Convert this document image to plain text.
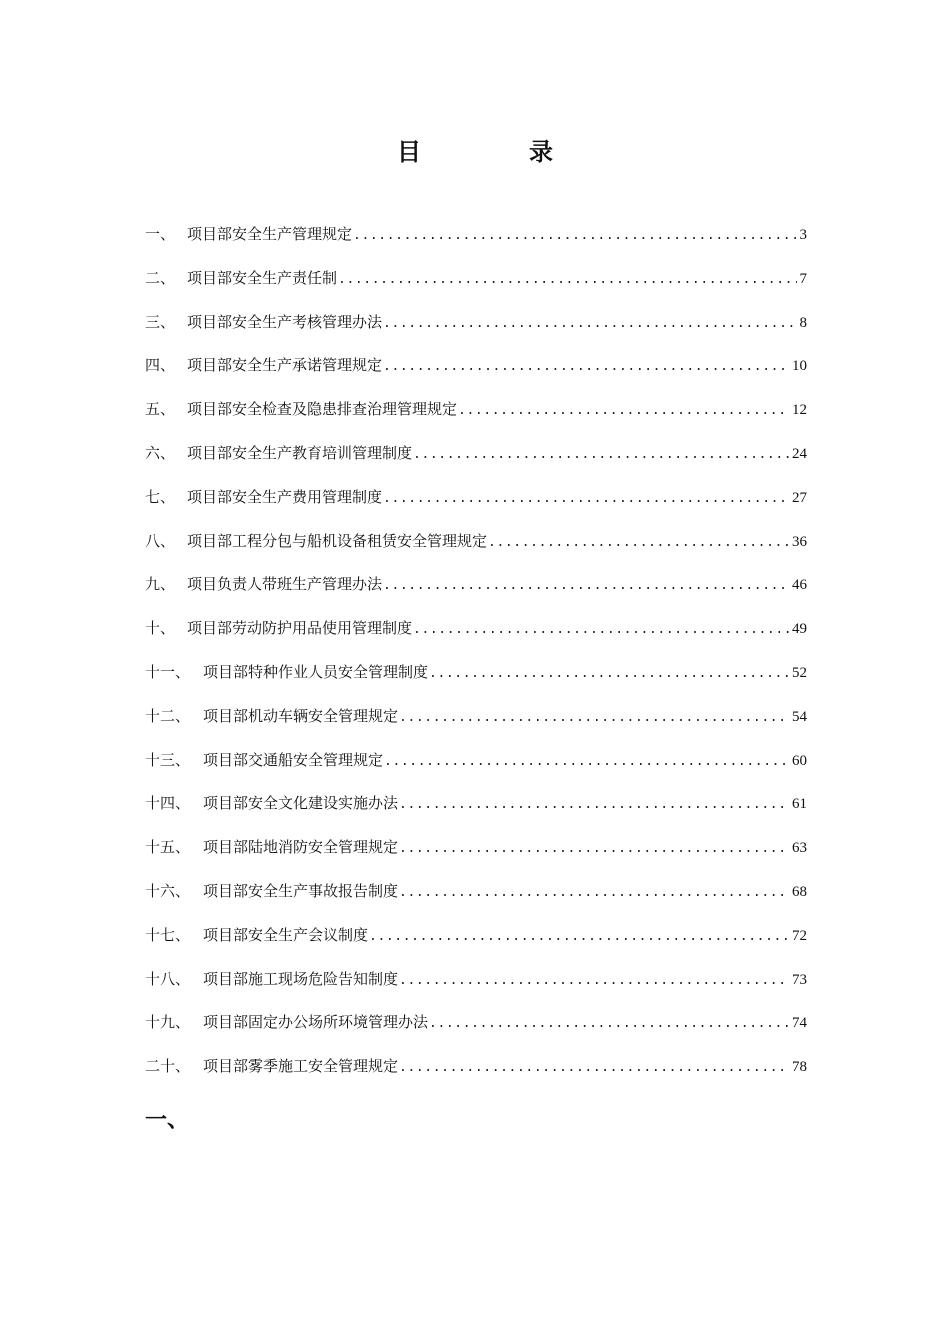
目　录
一、 项目部安全生产管理规定 .....	3
二、 项目部安全生产责任制 .....	7
三、 项目部安全生产考核管理办法 .....	8
四、 项目部安全生产承诺管理规定 .....	10
五、 项目部安全检查及隐患排查治理管理规定 .....	12
六、 项目部安全生产教育培训管理制度 .....	24
七、 项目部安全生产费用管理制度 .....	27
八、 项目部工程分包与船机设备租赁安全管理规定 .....	36
九、 项目负责人带班生产管理办法 .....	46
十、 项目部劳动防护用品使用管理制度 .....	49
十一、 项目部特种作业人员安全管理制度 .....	52
十二、 项目部机动车辆安全管理规定 .....	54
十三、 项目部交通船安全管理规定 .....	60
十四、 项目部安全文化建设实施办法 .....	61
十五、 项目部陆地消防安全管理规定 .....	63
十六、 项目部安全生产事故报告制度 .....	68
十七、 项目部安全生产会议制度 .....	72
十八、 项目部施工现场危险告知制度 .....	73
十九、 项目部固定办公场所环境管理办法 .....	74
二十、 项目部雾季施工安全管理规定 .....	78
一、
